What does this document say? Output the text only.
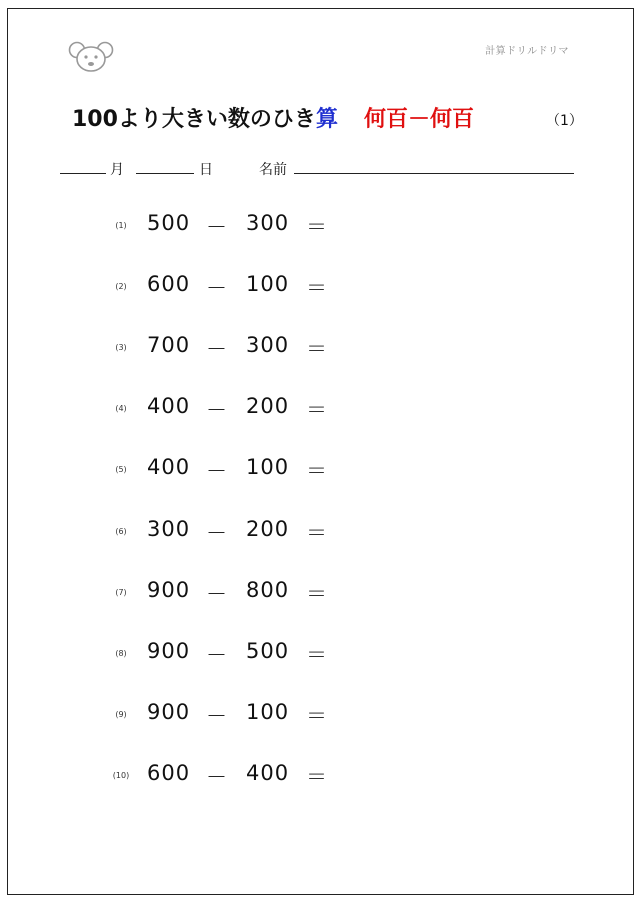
計算ドリルドリマ
100より大きい数のひき算 何百－何百	（1）
月	日	名前
(1) 500 － 300 ＝
(2) 600 － 100 ＝
(3) 700 － 300 ＝
(4) 400 － 200 ＝
(5) 400 － 100 ＝
(6) 300 － 200 ＝
(7) 900 － 800 ＝
(8) 900 － 500 ＝
(9) 900 － 100 ＝
(10) 600 － 400 ＝
